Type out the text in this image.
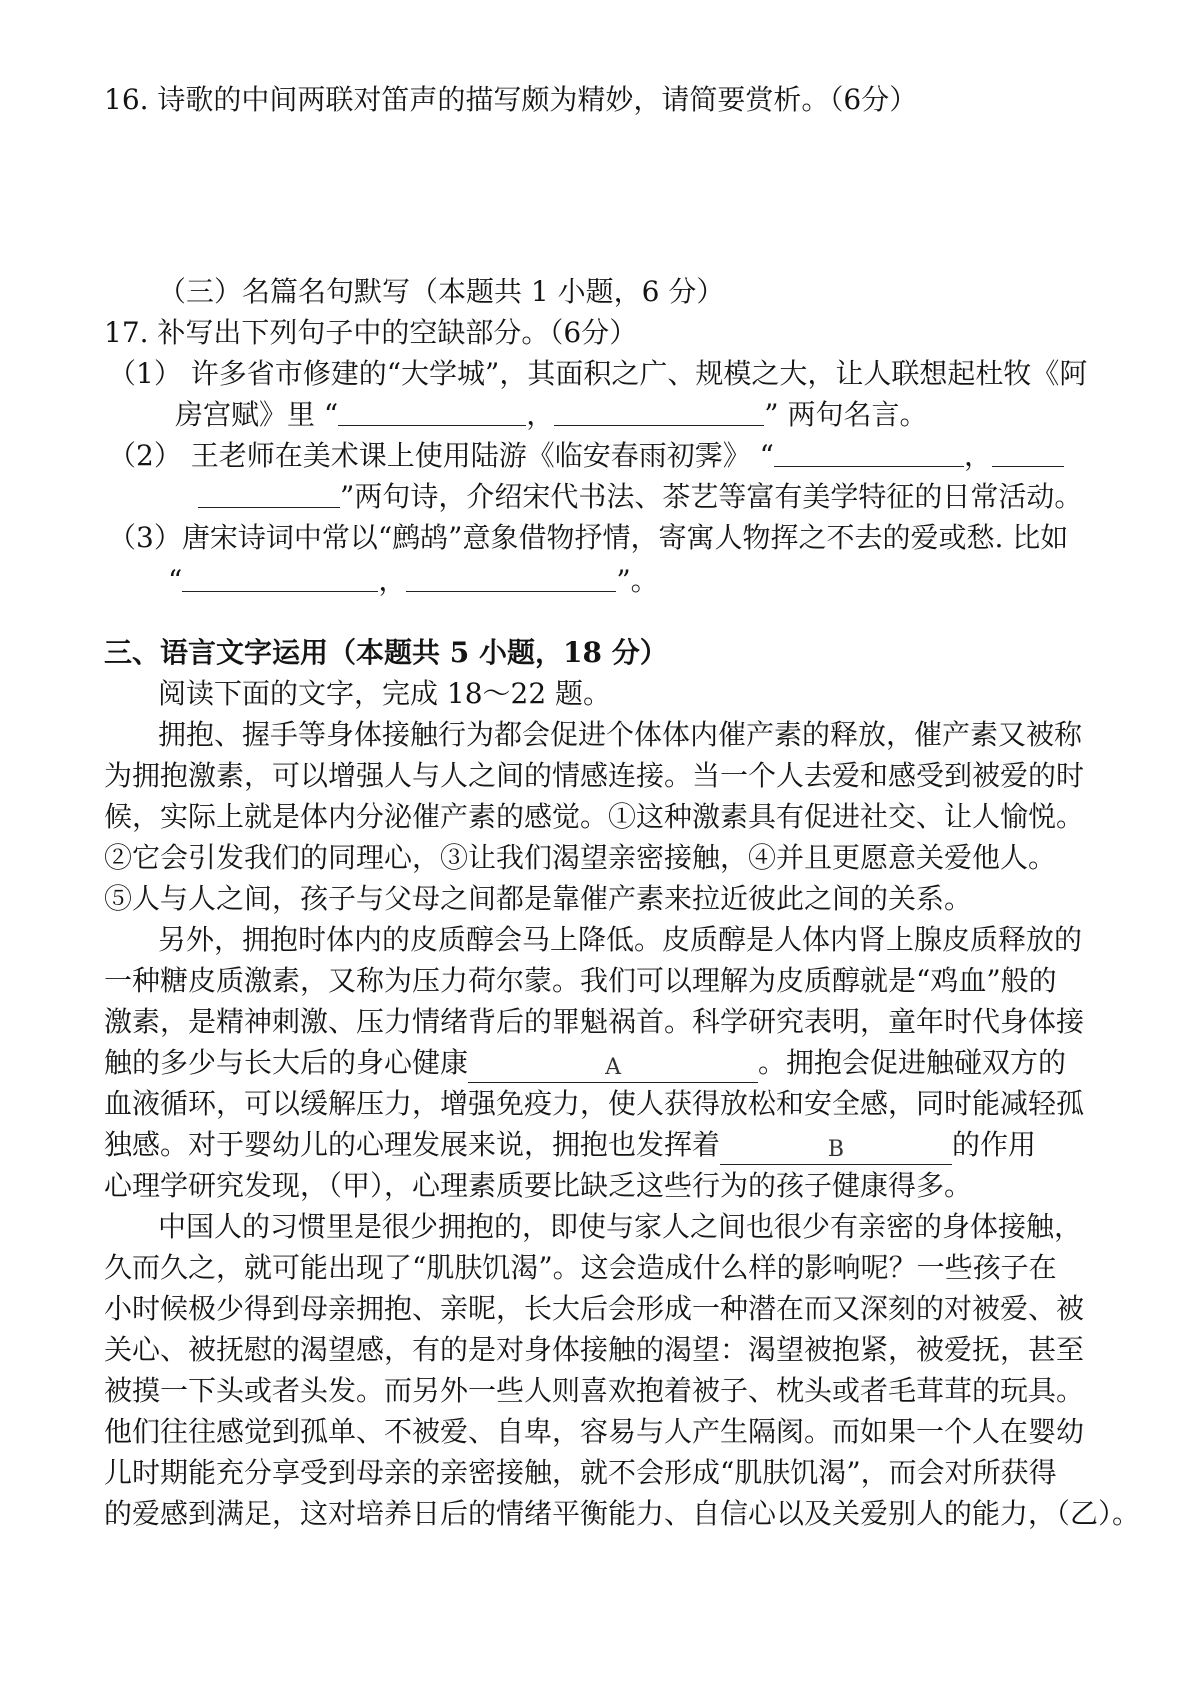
16. 诗歌的中间两联对笛声的描写颇为精妙，请简要赏析。（6分）
（三）名篇名句默写（本题共 1 小题，6 分）
17. 补写出下列句子中的空缺部分。（6分）
（1） 许多省市修建的“大学城”，其面积之广、规模之大，让人联想起杜牧《阿
房宫赋》里 “	，	” 两句名言。
（2） 王老师在美术课上使用陆游《临安春雨初霁》 “	，
”两句诗，介绍宋代书法、茶艺等富有美学特征的日常活动。
（3）唐宋诗词中常以“鹧鸪”意象借物抒情，寄寓人物挥之不去的爱或愁. 比如
“	，	”。
三、语言文字运用（本题共 5 小题，18 分）
阅读下面的文字，完成 18～22 题。
拥抱、握手等身体接触行为都会促进个体体内催产素的释放，催产素又被称
为拥抱激素，可以增强人与人之间的情感连接。当一个人去爱和感受到被爱的时
候，实际上就是体内分泌催产素的感觉。①这种激素具有促进社交、让人愉悦。
②它会引发我们的同理心，③让我们渴望亲密接触，④并且更愿意关爱他人。
⑤人与人之间，孩子与父母之间都是靠催产素来拉近彼此之间的关系。
另外，拥抱时体内的皮质醇会马上降低。皮质醇是人体内肾上腺皮质释放的
一种糖皮质激素，又称为压力荷尔蒙。我们可以理解为皮质醇就是“鸡血”般的
激素，是精神刺激、压力情绪背后的罪魁祸首。科学研究表明，童年时代身体接
触的多少与长大后的身心健康	A	。拥抱会促进触碰双方的
血液循环，可以缓解压力，增强免疫力，使人获得放松和安全感，同时能减轻孤
独感。对于婴幼儿的心理发展来说，拥抱也发挥着	B	的作用
心理学研究发现，（甲），心理素质要比缺乏这些行为的孩子健康得多。
中国人的习惯里是很少拥抱的，即使与家人之间也很少有亲密的身体接触，
久而久之，就可能出现了“肌肤饥渴”。这会造成什么样的影响呢？一些孩子在
小时候极少得到母亲拥抱、亲昵，长大后会形成一种潜在而又深刻的对被爱、被
关心、被抚慰的渴望感，有的是对身体接触的渴望：渴望被抱紧，被爱抚，甚至
被摸一下头或者头发。而另外一些人则喜欢抱着被子、枕头或者毛茸茸的玩具。
他们往往感觉到孤单、不被爱、自卑，容易与人产生隔阂。而如果一个人在婴幼
儿时期能充分享受到母亲的亲密接触，就不会形成“肌肤饥渴”，而会对所获得
的爱感到满足，这对培养日后的情绪平衡能力、自信心以及关爱别人的能力，（乙）。
